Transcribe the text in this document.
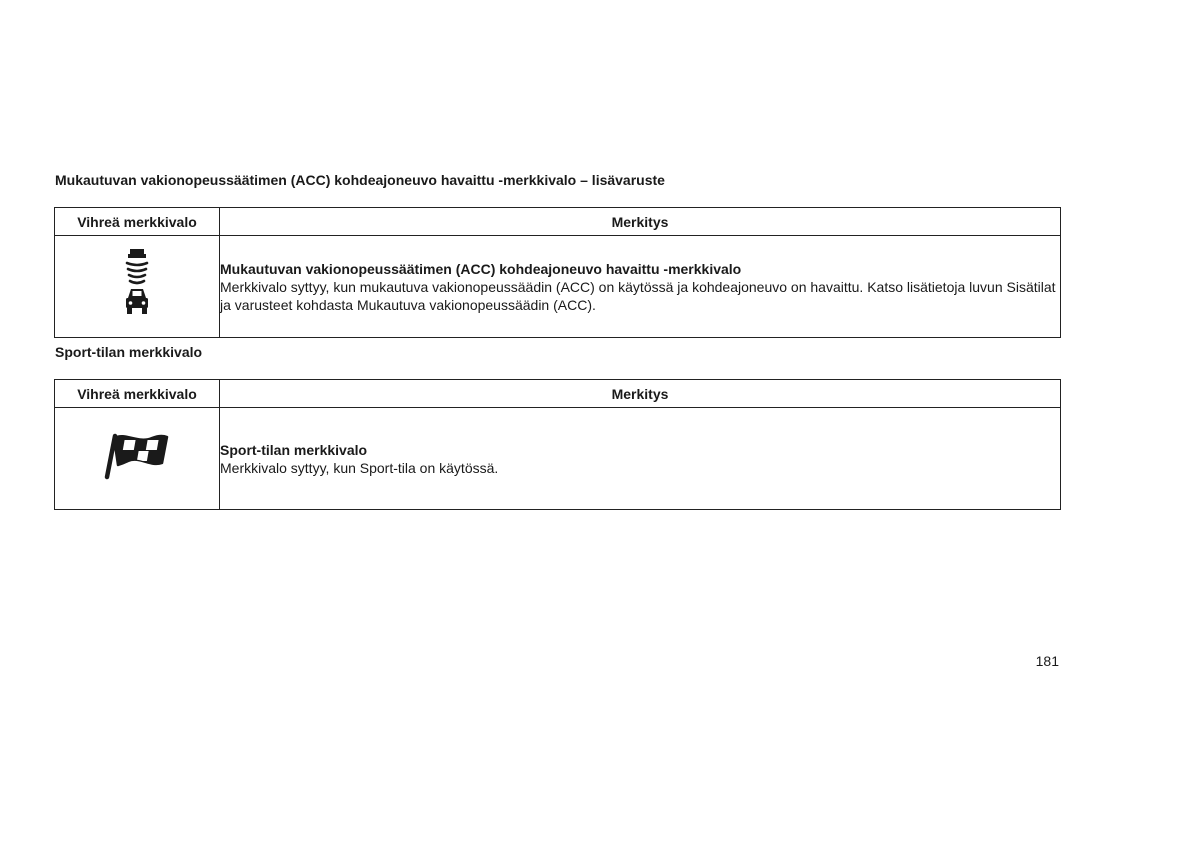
Mukautuvan vakionopeussäätimen (ACC) kohdeajoneuvo havaittu -merkkivalo – lisävaruste
Vihreä merkkivalo	Merkitys

Mukautuvan vakionopeussäätimen (ACC) kohdeajoneuvo havaittu -merkkivalo
Merkkivalo syttyy, kun mukautuva vakionopeussäädin (ACC) on käytössä ja kohdeajoneuvo on havaittu. Katso lisätietoja luvun Sisätilat ja varusteet kohdasta Mukautuva vakionopeussäädin (ACC).
Sport-tilan merkkivalo
Vihreä merkkivalo	Merkitys

Sport-tilan merkkivalo
Merkkivalo syttyy, kun Sport-tila on käytössä.

181
